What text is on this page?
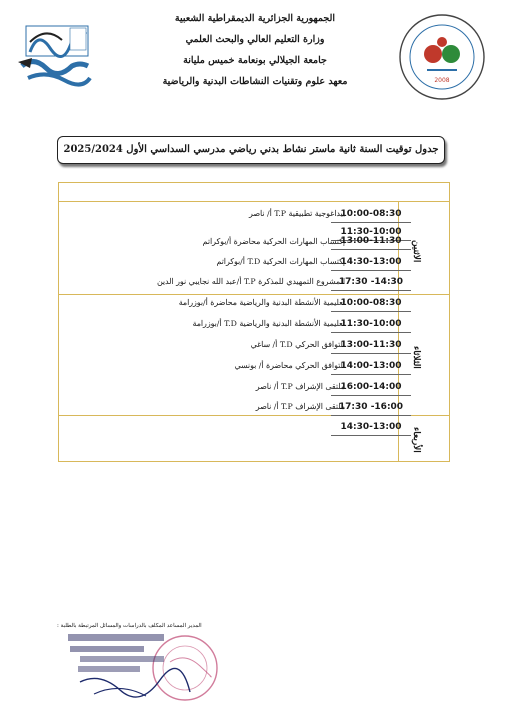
الجمهورية الجزائرية الديمقراطية الشعبية
وزارة التعليم العالي والبحث العلمي
جامعة الجيلالي بونعامة خميس مليانة
معهد علوم وتقنيات النشاطات البدنية والرياضية	2008
جدول توقيت السنة ثانية ماستر نشاط بدني رياضي مدرسي السداسي الأول 2025/2024
الاثنين
الثلاثاء
الأربعاء
10:00-08:30
بيداغوجية تطبيقية T.P أ/ ناصر
11:30-10:00
13:00-11:30
إكتساب المهارات الحركية محاضرة أ/بوكراتم
14:30-13:00
إكتساب المهارات الحركية T.D أ/بوكراتم
17:30 -14:30
المشروع التمهيدي للمذكرة T.P أ/عبد الله نجايبي نور الدين
10:00-08:30
تعليمية الأنشطة البدنية والرياضية محاضرة أ/بوزرامة
11:30-10:00
تعليمية الأنشطة البدنية والرياضية T.D أ/بوزرامة
13:00-11:30
التوافق الحركي T.D أ/ ساغي
14:00-13:00
التوافق الحركي محاضرة أ/ بونسي
16:00-14:00
ملتقى الإشراف T.P أ/ ناصر
17:30 -16:00
ملتقى الإشراف T.P أ/ ناصر
14:30-13:00
المدير المساعد المكلف بالدراسات والمسائل المرتبطة بالطلبة :
